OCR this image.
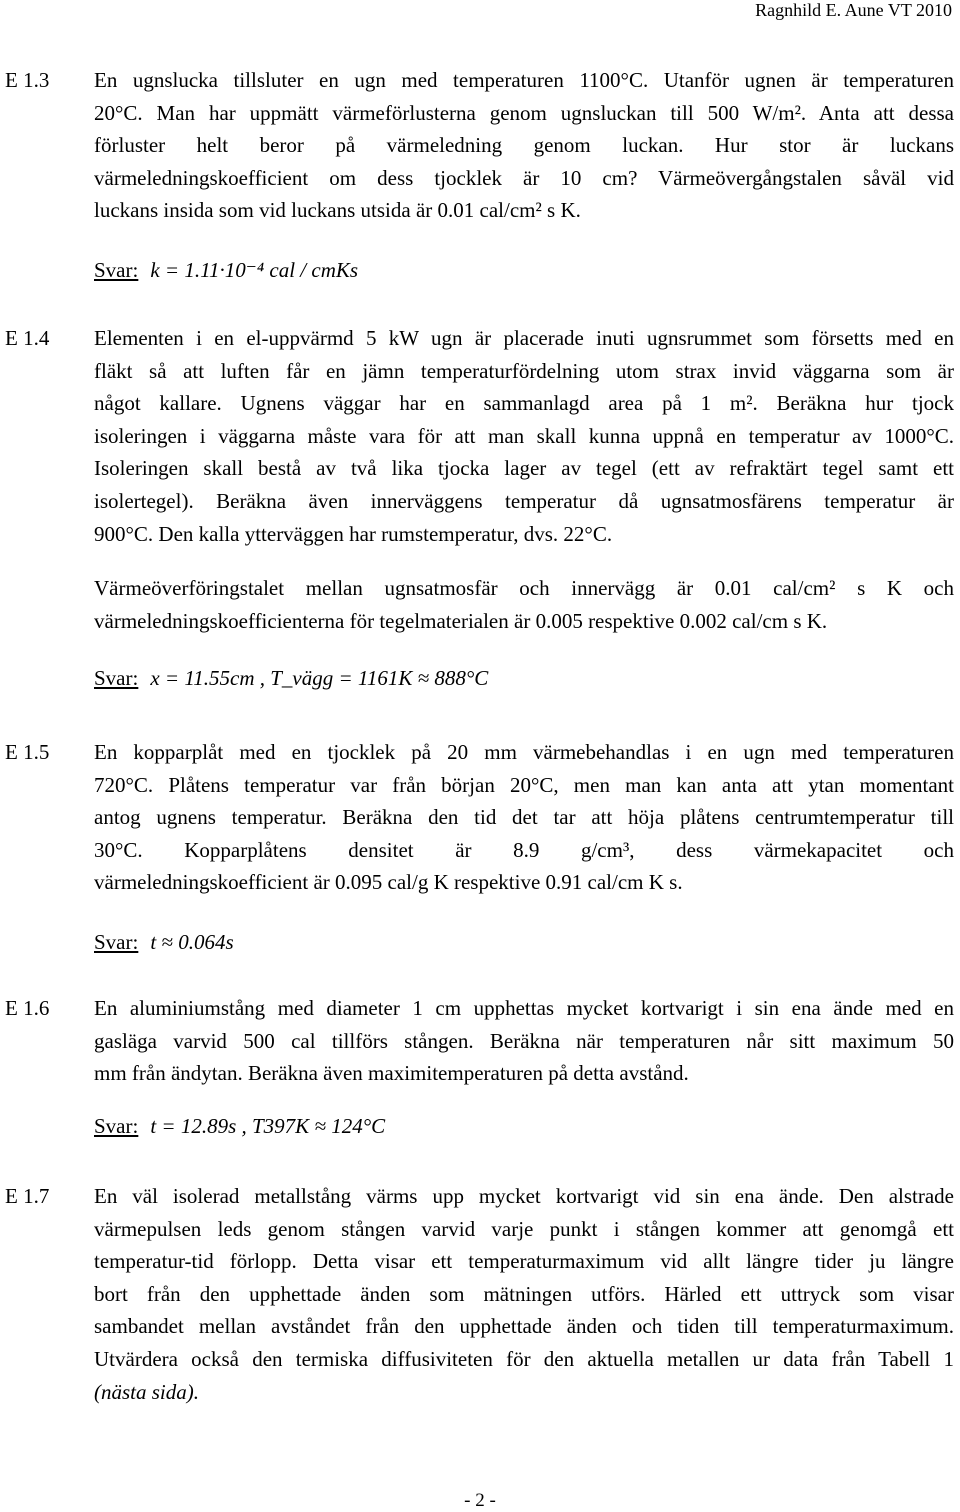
Ragnhild E. Aune VT 2010
E 1.3 En ugnslucka tillsluter en ugn med temperaturen 1100°C. Utanför ugnen är temperaturen
20°C. Man har uppmätt värmeförlusterna genom ugnsluckan till 500 W/m². Anta att dessa
förluster helt beror på värmeledning genom luckan. Hur stor är luckans
värmeledningskoefficient om dess tjocklek är 10 cm? Värmeövergångstalen såväl vid
luckans insida som vid luckans utsida är 0.01 cal/cm² s K.
Svar: k = 1.11·10⁻⁴ cal / cmKs
E 1.4 Elementen i en el-uppvärmd 5 kW ugn är placerade inuti ugnsrummet som försetts med en
fläkt så att luften får en jämn temperaturfördelning utom strax invid väggarna som är
något kallare. Ugnens väggar har en sammanlagd area på 1 m². Beräkna hur tjock
isoleringen i väggarna måste vara för att man skall kunna uppnå en temperatur av 1000°C.
Isoleringen skall bestå av två lika tjocka lager av tegel (ett av refraktärt tegel samt ett
isolertegel). Beräkna även innerväggens temperatur då ugnsatmosfärens temperatur är
900°C. Den kalla ytterväggen har rumstemperatur, dvs. 22°C.
Värmeöverföringstalet mellan ugnsatmosfär och innervägg är 0.01 cal/cm² s K och
värmeledningskoefficienterna för tegelmaterialen är 0.005 respektive 0.002 cal/cm s K.
Svar: x = 11.55cm , T_vägg = 1161K ≈ 888°C
E 1.5 En kopparplåt med en tjocklek på 20 mm värmebehandlas i en ugn med temperaturen
720°C. Plåtens temperatur var från början 20°C, men man kan anta att ytan momentant
antog ugnens temperatur. Beräkna den tid det tar att höja plåtens centrumtemperatur till
30°C. Kopparplåtens densitet är 8.9 g/cm³, dess värmekapacitet och
värmeledningskoefficient är 0.095 cal/g K respektive 0.91 cal/cm K s.
Svar: t ≈ 0.064s
E 1.6 En aluminiumstång med diameter 1 cm upphettas mycket kortvarigt i sin ena ände med en
gasläga varvid 500 cal tillförs stången. Beräkna när temperaturen når sitt maximum 50
mm från ändytan. Beräkna även maximitemperaturen på detta avstånd.
Svar: t = 12.89s , T397K ≈ 124°C
E 1.7 En väl isolerad metallstång värms upp mycket kortvarigt vid sin ena ände. Den alstrade
värmepulsen leds genom stången varvid varje punkt i stången kommer att genomgå ett
temperatur-tid förlopp. Detta visar ett temperaturmaximum vid allt längre tider ju längre
bort från den upphettade änden som mätningen utförs. Härled ett uttryck som visar
sambandet mellan avståndet från den upphettade änden och tiden till temperaturmaximum.
Utvärdera också den termiska diffusiviteten för den aktuella metallen ur data från Tabell 1
(nästa sida).
- 2 -
